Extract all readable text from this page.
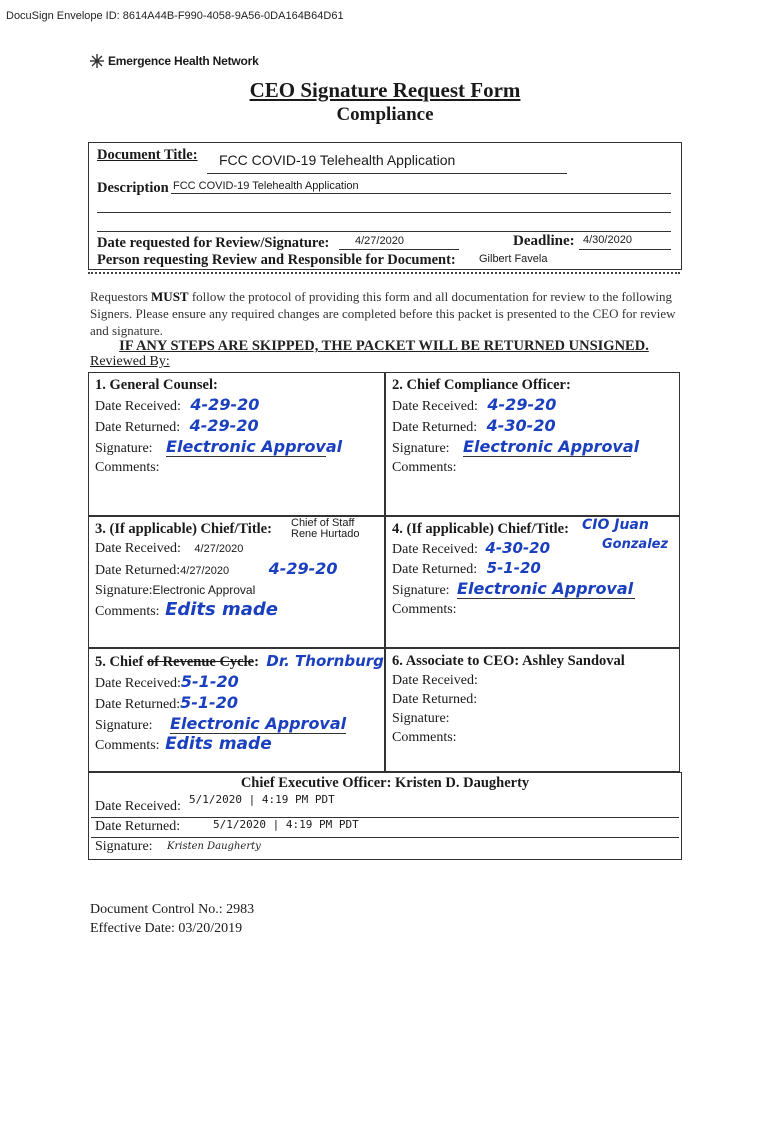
DocuSign Envelope ID: 8614A44B-F990-4058-9A56-0DA164B64D61
Emergence Health Network
CEO Signature Request Form
Compliance
Document Title: FCC COVID-19 Telehealth Application
Description FCC COVID-19 Telehealth Application
Date requested for Review/Signature: 4/27/2020	Deadline: 4/30/2020
Person requesting Review and Responsible for Document: Gilbert Favela
Requestors MUST follow the protocol of providing this form and all documentation for review to the following Signers. Please ensure any required changes are completed before this packet is presented to the CEO for review and signature.
IF ANY STEPS ARE SKIPPED, THE PACKET WILL BE RETURNED UNSIGNED.
Reviewed By:
1. General Counsel:
Date Received: 4-29-20
Date Returned: 4-29-20
Signature: Electronic Approval
Comments:
2. Chief Compliance Officer:
Date Received: 4-29-20
Date Returned: 4-30-20
Signature: Electronic Approval
Comments:
3. (If applicable) Chief/Title: Chief of Staff
Rene Hurtado
Date Received: 4/27/2020
Date Returned:4/27/2020 4-29-20
Signature:Electronic Approval
Comments: Edits made
4. (If applicable) Chief/Title: CIO Juan
Date Received: 4-30-20	Gonzalez
Date Returned: 5-1-20
Signature: Electronic Approval
Comments:
5. Chief of Revenue Cycle: Dr. Thornburg
Date Received:5-1-20
Date Returned:5-1-20
Signature: Electronic Approval
Comments: Edits made
6. Associate to CEO: Ashley Sandoval
Date Received:
Date Returned:
Signature:
Comments:
Chief Executive Officer: Kristen D. Daugherty
Date Received: 5/1/2020 | 4:19 PM PDT
Date Returned:	5/1/2020 | 4:19 PM PDT
Signature: Kristen Daugherty
Document Control No.: 2983
Effective Date: 03/20/2019
